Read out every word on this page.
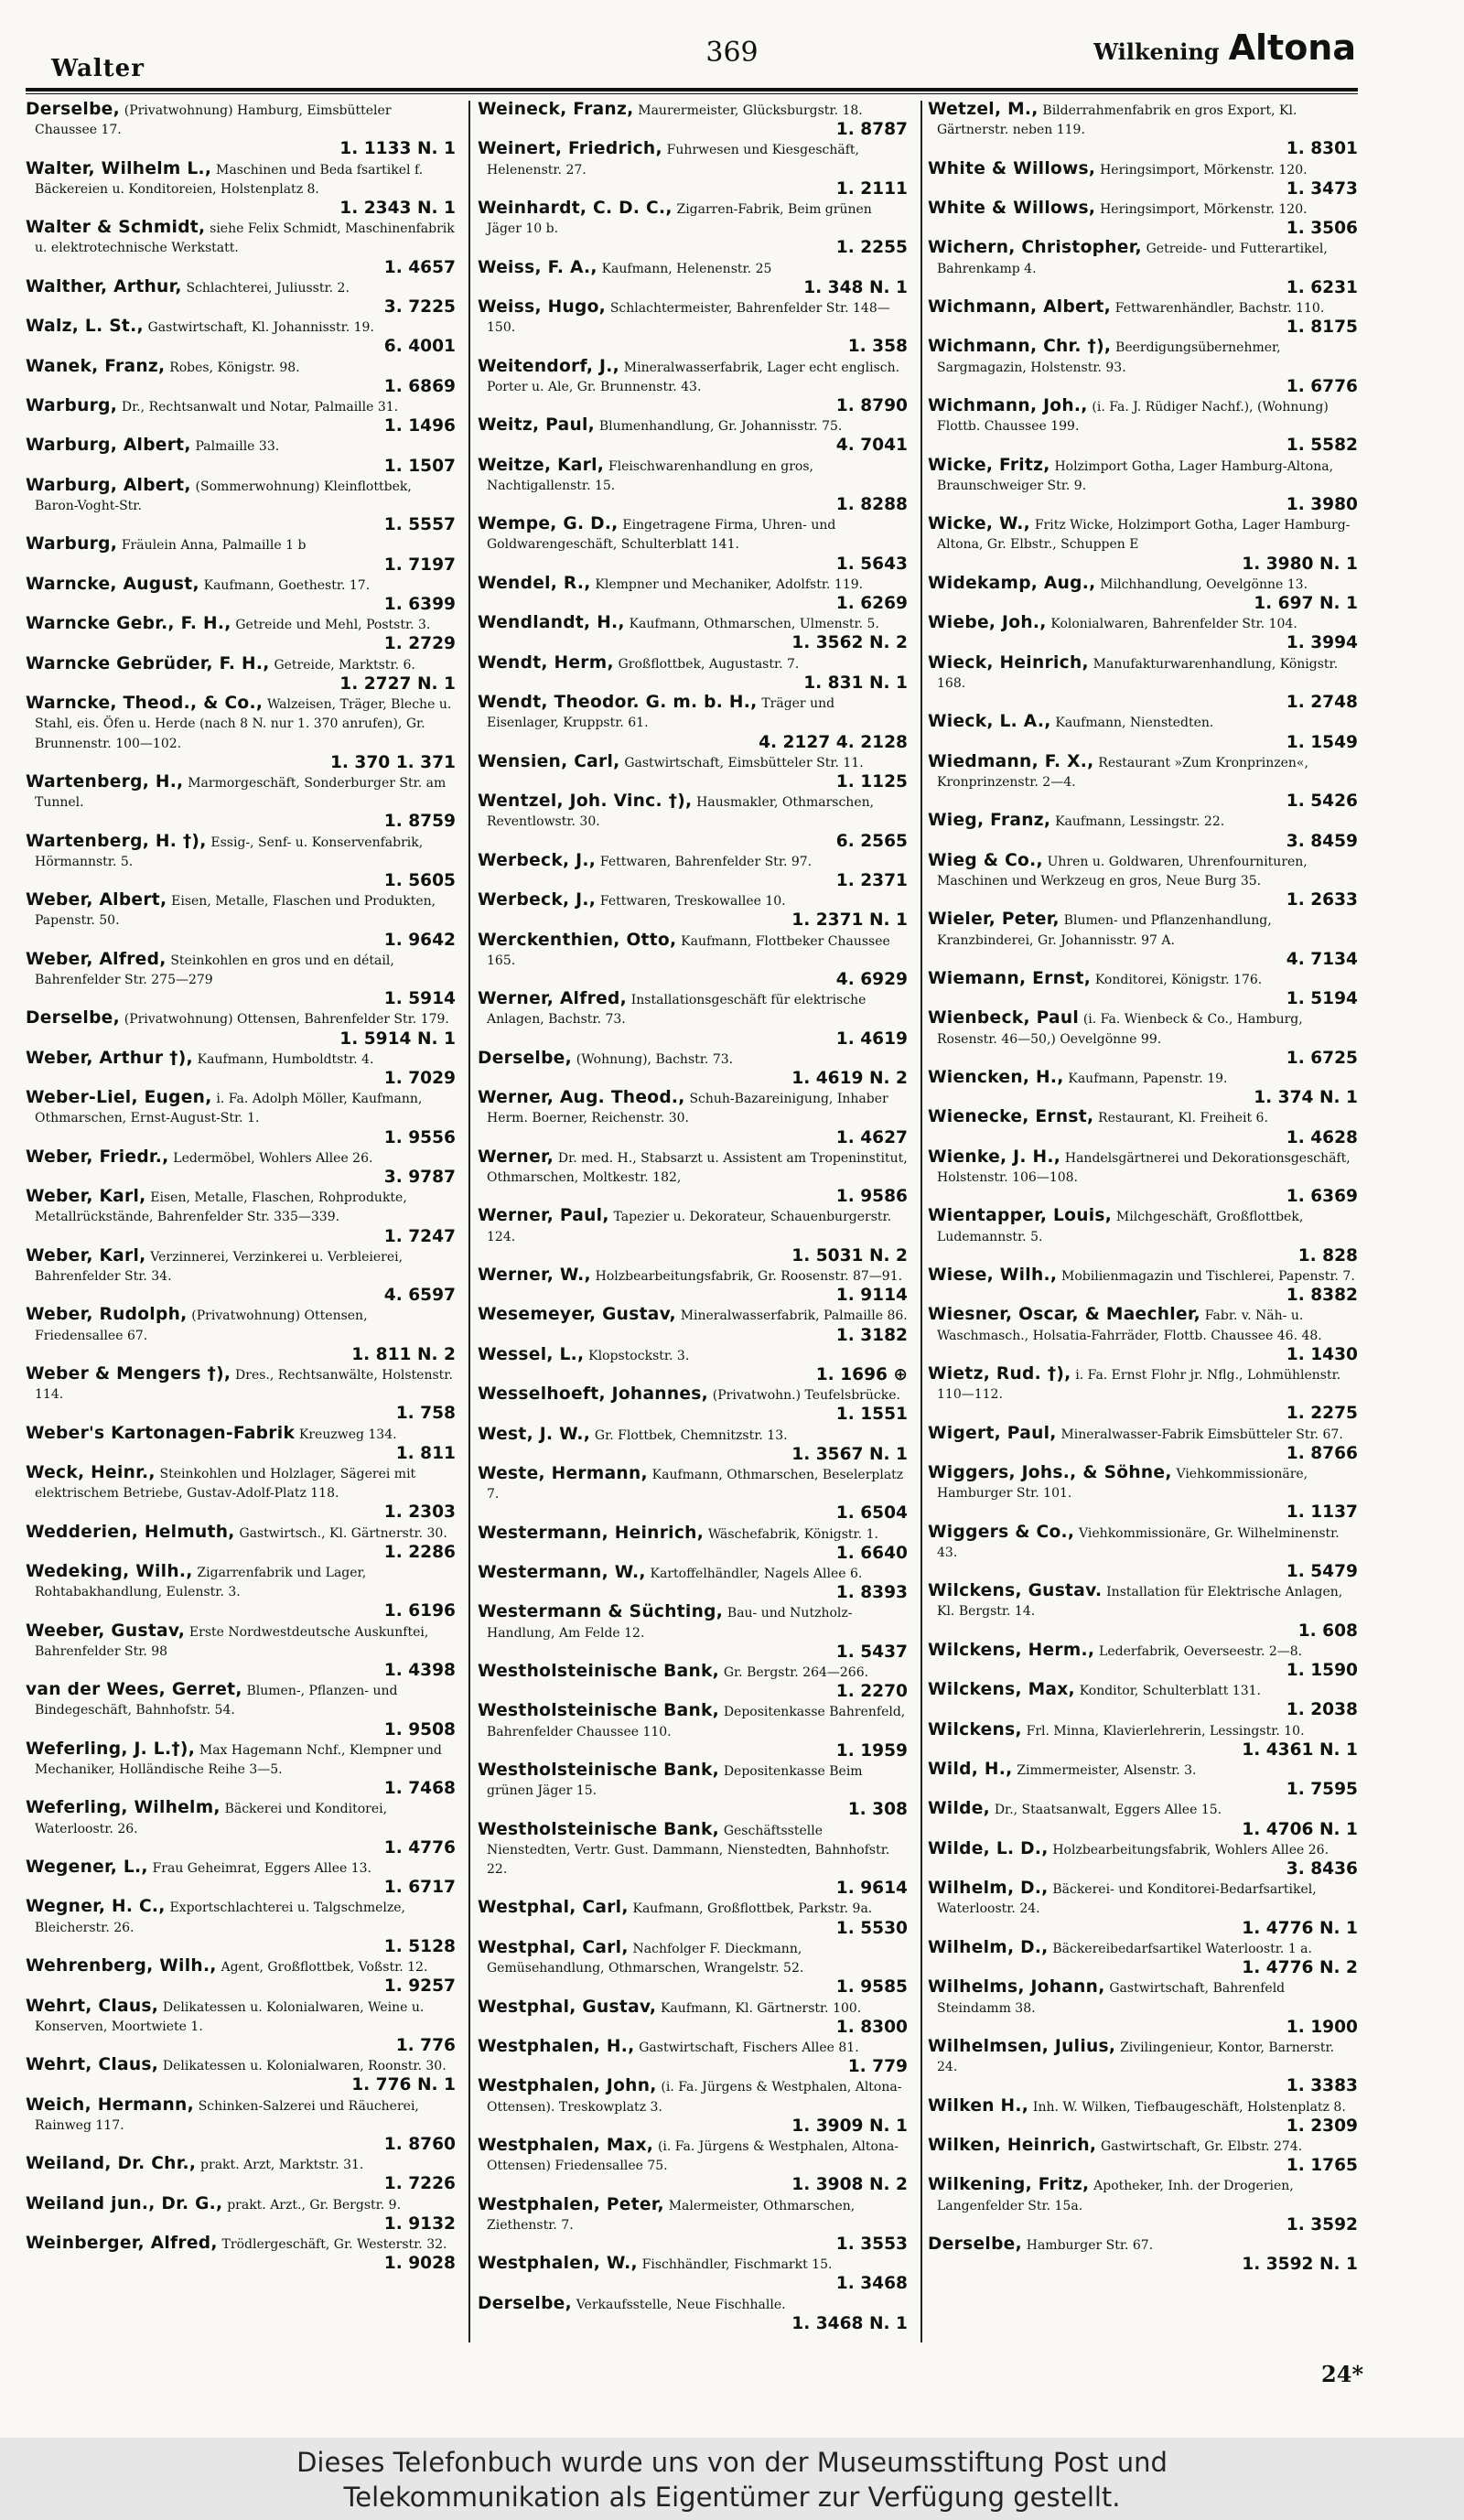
Walter	369	Wilkening Altona
Derselbe, (Privatwohnung) Hamburg, Eimsbütteler Chaussee 17.
1. 1133 N. 1
Walter, Wilhelm L., Maschinen und Beda fsartikel f. Bäckereien u. Konditoreien, Holstenplatz 8.
1. 2343 N. 1
Walter & Schmidt, siehe Felix Schmidt, Maschinenfabrik u. elektrotechnische Werkstatt.
1. 4657
Walther, Arthur, Schlachterei, Juliusstr. 2.
3. 7225
Walz, L. St., Gastwirtschaft, Kl. Johannisstr. 19.
6. 4001
Wanek, Franz, Robes, Königstr. 98.
1. 6869
Warburg, Dr., Rechtsanwalt und Notar, Palmaille 31.
1. 1496
Warburg, Albert, Palmaille 33.
1. 1507
Warburg, Albert, (Sommerwohnung) Kleinflottbek, Baron-Voght-Str.
1. 5557
Warburg, Fräulein Anna, Palmaille 1 b
1. 7197
Warncke, August, Kaufmann, Goethestr. 17.
1. 6399
Warncke Gebr., F. H., Getreide und Mehl, Poststr. 3.
1. 2729
Warncke Gebrüder, F. H., Getreide, Marktstr. 6.
1. 2727 N. 1
Warncke, Theod., & Co., Walzeisen, Träger, Bleche u. Stahl, eis. Öfen u. Herde (nach 8 N. nur 1. 370 anrufen), Gr. Brunnenstr. 100—102.
1. 370 1. 371
Wartenberg, H., Marmorgeschäft, Sonderburger Str. am Tunnel.
1. 8759
Wartenberg, H. †), Essig-, Senf- u. Konservenfabrik, Hörmannstr. 5.
1. 5605
Weber, Albert, Eisen, Metalle, Flaschen und Produkten, Papenstr. 50.
1. 9642
Weber, Alfred, Steinkohlen en gros und en détail, Bahrenfelder Str. 275—279
1. 5914
Derselbe, (Privatwohnung) Ottensen, Bahrenfelder Str. 179.
1. 5914 N. 1
Weber, Arthur †), Kaufmann, Humboldtstr. 4.
1. 7029
Weber-Liel, Eugen, i. Fa. Adolph Möller, Kaufmann, Othmarschen, Ernst-August-Str. 1.
1. 9556
Weber, Friedr., Ledermöbel, Wohlers Allee 26.
3. 9787
Weber, Karl, Eisen, Metalle, Flaschen, Rohprodukte, Metallrückstände, Bahrenfelder Str. 335—339.
1. 7247
Weber, Karl, Verzinnerei, Verzinkerei u. Verbleierei, Bahrenfelder Str. 34.
4. 6597
Weber, Rudolph, (Privatwohnung) Ottensen, Friedensallee 67.
1. 811 N. 2
Weber & Mengers †), Dres., Rechtsanwälte, Holstenstr. 114.
1. 758
Weber's Kartonagen-Fabrik Kreuzweg 134.
1. 811
Weck, Heinr., Steinkohlen und Holzlager, Sägerei mit elektrischem Betriebe, Gustav-Adolf-Platz 118.
1. 2303
Wedderien, Helmuth, Gastwirtsch., Kl. Gärtnerstr. 30.
1. 2286
Wedeking, Wilh., Zigarrenfabrik und Lager, Rohtabakhandlung, Eulenstr. 3.
1. 6196
Weeber, Gustav, Erste Nordwestdeutsche Auskunftei, Bahrenfelder Str. 98
1. 4398
van der Wees, Gerret, Blumen-, Pflanzen- und Bindegeschäft, Bahnhofstr. 54.
1. 9508
Weferling, J. L.†), Max Hagemann Nchf., Klempner und Mechaniker, Holländische Reihe 3—5.
1. 7468
Weferling, Wilhelm, Bäckerei und Konditorei, Waterloostr. 26.
1. 4776
Wegener, L., Frau Geheimrat, Eggers Allee 13.
1. 6717
Wegner, H. C., Exportschlachterei u. Talgschmelze, Bleicherstr. 26.
1. 5128
Wehrenberg, Wilh., Agent, Großflottbek, Voßstr. 12.
1. 9257
Wehrt, Claus, Delikatessen u. Kolonialwaren, Weine u. Konserven, Moortwiete 1.
1. 776
Wehrt, Claus, Delikatessen u. Kolonialwaren, Roonstr. 30.
1. 776 N. 1
Weich, Hermann, Schinken-Salzerei und Räucherei, Rainweg 117.
1. 8760
Weiland, Dr. Chr., prakt. Arzt, Marktstr. 31.
1. 7226
Weiland jun., Dr. G., prakt. Arzt., Gr. Bergstr. 9.
1. 9132
Weinberger, Alfred, Trödlergeschäft, Gr. Westerstr. 32.
1. 9028
Weineck, Franz, Maurermeister, Glücksburgstr. 18.
1. 8787
Weinert, Friedrich, Fuhrwesen und Kiesgeschäft, Helenenstr. 27.
1. 2111
Weinhardt, C. D. C., Zigarren-Fabrik, Beim grünen Jäger 10 b.
1. 2255
Weiss, F. A., Kaufmann, Helenenstr. 25
1. 348 N. 1
Weiss, Hugo, Schlachtermeister, Bahrenfelder Str. 148—150.
1. 358
Weitendorf, J., Mineralwasserfabrik, Lager echt englisch. Porter u. Ale, Gr. Brunnenstr. 43.
1. 8790
Weitz, Paul, Blumenhandlung, Gr. Johannisstr. 75.
4. 7041
Weitze, Karl, Fleischwarenhandlung en gros, Nachtigallenstr. 15.
1. 8288
Wempe, G. D., Eingetragene Firma, Uhren- und Goldwarengeschäft, Schulterblatt 141.
1. 5643
Wendel, R., Klempner und Mechaniker, Adolfstr. 119.
1. 6269
Wendlandt, H., Kaufmann, Othmarschen, Ulmenstr. 5.
1. 3562 N. 2
Wendt, Herm, Großflottbek, Augustastr. 7.
1. 831 N. 1
Wendt, Theodor. G. m. b. H., Träger und Eisenlager, Kruppstr. 61.
4. 2127 4. 2128
Wensien, Carl, Gastwirtschaft, Eimsbütteler Str. 11.
1. 1125
Wentzel, Joh. Vinc. †), Hausmakler, Othmarschen, Reventlowstr. 30.
6. 2565
Werbeck, J., Fettwaren, Bahrenfelder Str. 97.
1. 2371
Werbeck, J., Fettwaren, Treskowallee 10.
1. 2371 N. 1
Werckenthien, Otto, Kaufmann, Flottbeker Chaussee 165.
4. 6929
Werner, Alfred, Installationsgeschäft für elektrische Anlagen, Bachstr. 73.
1. 4619
Derselbe, (Wohnung), Bachstr. 73.
1. 4619 N. 2
Werner, Aug. Theod., Schuh-Bazareinigung, Inhaber Herm. Boerner, Reichenstr. 30.
1. 4627
Werner, Dr. med. H., Stabsarzt u. Assistent am Tropeninstitut, Othmarschen, Moltkestr. 182,
1. 9586
Werner, Paul, Tapezier u. Dekorateur, Schauenburgerstr. 124.
1. 5031 N. 2
Werner, W., Holzbearbeitungsfabrik, Gr. Roosenstr. 87—91.
1. 9114
Wesemeyer, Gustav, Mineralwasserfabrik, Palmaille 86.
1. 3182
Wessel, L., Klopstockstr. 3.
1. 1696 ⊕
Wesselhoeft, Johannes, (Privatwohn.) Teufelsbrücke.
1. 1551
West, J. W., Gr. Flottbek, Chemnitzstr. 13.
1. 3567 N. 1
Weste, Hermann, Kaufmann, Othmarschen, Beselerplatz 7.
1. 6504
Westermann, Heinrich, Wäschefabrik, Königstr. 1.
1. 6640
Westermann, W., Kartoffelhändler, Nagels Allee 6.
1. 8393
Westermann & Süchting, Bau- und Nutzholz-Handlung, Am Felde 12.
1. 5437
Westholsteinische Bank, Gr. Bergstr. 264—266.
1. 2270
Westholsteinische Bank, Depositenkasse Bahrenfeld, Bahrenfelder Chaussee 110.
1. 1959
Westholsteinische Bank, Depositenkasse Beim grünen Jäger 15.
1. 308
Westholsteinische Bank, Geschäftsstelle Nienstedten, Vertr. Gust. Dammann, Nienstedten, Bahnhofstr. 22.
1. 9614
Westphal, Carl, Kaufmann, Großflottbek, Parkstr. 9a.
1. 5530
Westphal, Carl, Nachfolger F. Dieckmann, Gemüsehandlung, Othmarschen, Wrangelstr. 52.
1. 9585
Westphal, Gustav, Kaufmann, Kl. Gärtnerstr. 100.
1. 8300
Westphalen, H., Gastwirtschaft, Fischers Allee 81.
1. 779
Westphalen, John, (i. Fa. Jürgens & Westphalen, Altona-Ottensen). Treskowplatz 3.
1. 3909 N. 1
Westphalen, Max, (i. Fa. Jürgens & Westphalen, Altona-Ottensen) Friedensallee 75.
1. 3908 N. 2
Westphalen, Peter, Malermeister, Othmarschen, Ziethenstr. 7.
1. 3553
Westphalen, W., Fischhändler, Fischmarkt 15.
1. 3468
Derselbe, Verkaufsstelle, Neue Fischhalle.
1. 3468 N. 1
Wetzel, M., Bilderrahmenfabrik en gros Export, Kl. Gärtnerstr. neben 119.
1. 8301
White & Willows, Heringsimport, Mörkenstr. 120.
1. 3473
White & Willows, Heringsimport, Mörkenstr. 120.
1. 3506
Wichern, Christopher, Getreide- und Futterartikel, Bahrenkamp 4.
1. 6231
Wichmann, Albert, Fettwarenhändler, Bachstr. 110.
1. 8175
Wichmann, Chr. †), Beerdigungsübernehmer, Sargmagazin, Holstenstr. 93.
1. 6776
Wichmann, Joh., (i. Fa. J. Rüdiger Nachf.), (Wohnung) Flottb. Chaussee 199.
1. 5582
Wicke, Fritz, Holzimport Gotha, Lager Hamburg-Altona, Braunschweiger Str. 9.
1. 3980
Wicke, W., Fritz Wicke, Holzimport Gotha, Lager Hamburg-Altona, Gr. Elbstr., Schuppen E
1. 3980 N. 1
Widekamp, Aug., Milchhandlung, Oevelgönne 13.
1. 697 N. 1
Wiebe, Joh., Kolonialwaren, Bahrenfelder Str. 104.
1. 3994
Wieck, Heinrich, Manufakturwarenhandlung, Königstr. 168.
1. 2748
Wieck, L. A., Kaufmann, Nienstedten.
1. 1549
Wiedmann, F. X., Restaurant »Zum Kronprinzen«, Kronprinzenstr. 2—4.
1. 5426
Wieg, Franz, Kaufmann, Lessingstr. 22.
3. 8459
Wieg & Co., Uhren u. Goldwaren, Uhrenfournituren, Maschinen und Werkzeug en gros, Neue Burg 35.
1. 2633
Wieler, Peter, Blumen- und Pflanzenhandlung, Kranzbinderei, Gr. Johannisstr. 97 A.
4. 7134
Wiemann, Ernst, Konditorei, Königstr. 176.
1. 5194
Wienbeck, Paul (i. Fa. Wienbeck & Co., Hamburg, Rosenstr. 46—50,) Oevelgönne 99.
1. 6725
Wiencken, H., Kaufmann, Papenstr. 19.
1. 374 N. 1
Wienecke, Ernst, Restaurant, Kl. Freiheit 6.
1. 4628
Wienke, J. H., Handelsgärtnerei und Dekorationsgeschäft, Holstenstr. 106—108.
1. 6369
Wientapper, Louis, Milchgeschäft, Großflottbek, Ludemannstr. 5.
1. 828
Wiese, Wilh., Mobilienmagazin und Tischlerei, Papenstr. 7.
1. 8382
Wiesner, Oscar, & Maechler, Fabr. v. Näh- u. Waschmasch., Holsatia-Fahrräder, Flottb. Chaussee 46. 48.
1. 1430
Wietz, Rud. †), i. Fa. Ernst Flohr jr. Nflg., Lohmühlenstr. 110—112.
1. 2275
Wigert, Paul, Mineralwasser-Fabrik Eimsbütteler Str. 67.
1. 8766
Wiggers, Johs., & Söhne, Viehkommissionäre, Hamburger Str. 101.
1. 1137
Wiggers & Co., Viehkommissionäre, Gr. Wilhelminenstr. 43.
1. 5479
Wilckens, Gustav. Installation für Elektrische Anlagen, Kl. Bergstr. 14.
1. 608
Wilckens, Herm., Lederfabrik, Oeverseestr. 2—8.
1. 1590
Wilckens, Max, Konditor, Schulterblatt 131.
1. 2038
Wilckens, Frl. Minna, Klavierlehrerin, Lessingstr. 10.
1. 4361 N. 1
Wild, H., Zimmermeister, Alsenstr. 3.
1. 7595
Wilde, Dr., Staatsanwalt, Eggers Allee 15.
1. 4706 N. 1
Wilde, L. D., Holzbearbeitungsfabrik, Wohlers Allee 26.
3. 8436
Wilhelm, D., Bäckerei- und Konditorei-Bedarfsartikel, Waterloostr. 24.
1. 4776 N. 1
Wilhelm, D., Bäckereibedarfsartikel Waterloostr. 1 a.
1. 4776 N. 2
Wilhelms, Johann, Gastwirtschaft, Bahrenfeld Steindamm 38.
1. 1900
Wilhelmsen, Julius, Zivilingenieur, Kontor, Barnerstr. 24.
1. 3383
Wilken H., Inh. W. Wilken, Tiefbaugeschäft, Holstenplatz 8.
1. 2309
Wilken, Heinrich, Gastwirtschaft, Gr. Elbstr. 274.
1. 1765
Wilkening, Fritz, Apotheker, Inh. der Drogerien, Langenfelder Str. 15a.
1. 3592
Derselbe, Hamburger Str. 67.
1. 3592 N. 1
24*

Dieses Telefonbuch wurde uns von der Museumsstiftung Post und

Telekommunikation als Eigentümer zur Verfügung gestellt.
